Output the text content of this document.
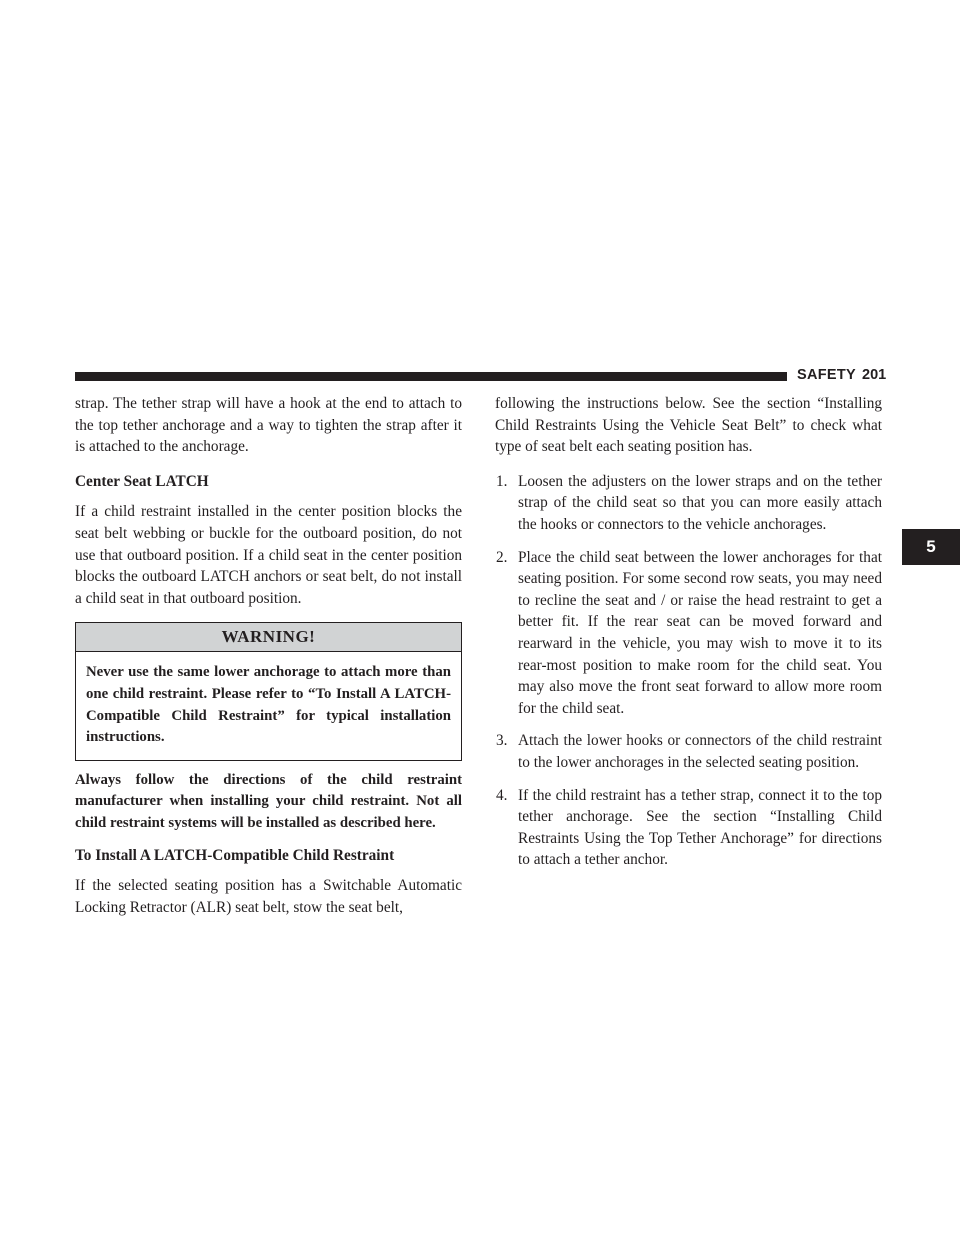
SAFETY 201
5

strap. The tether strap will have a hook at the end to attach to the top tether anchorage and a way to tighten the strap after it is attached to the anchorage.

Center Seat LATCH

If a child restraint installed in the center position blocks the seat belt webbing or buckle for the outboard position, do not use that outboard position. If a child seat in the center position blocks the outboard LATCH anchors or seat belt, do not install a child seat in that outboard position.

WARNING!
Never use the same lower anchorage to attach more than one child restraint. Please refer to “To Install A LATCH-Compatible Child Restraint” for typical installation instructions.

Always follow the directions of the child restraint manufacturer when installing your child restraint. Not all child restraint systems will be installed as described here.

To Install A LATCH-Compatible Child Restraint

If the selected seating position has a Switchable Automatic Locking Retractor (ALR) seat belt, stow the seat belt,

following the instructions below. See the section “Installing Child Restraints Using the Vehicle Seat Belt” to check what type of seat belt each seating position has.

1. Loosen the adjusters on the lower straps and on the tether strap of the child seat so that you can more easily attach the hooks or connectors to the vehicle anchorages.
2. Place the child seat between the lower anchorages for that seating position. For some second row seats, you may need to recline the seat and / or raise the head restraint to get a better fit. If the rear seat can be moved forward and rearward in the vehicle, you may wish to move it to its rear-most position to make room for the child seat. You may also move the front seat forward to allow more room for the child seat.
3. Attach the lower hooks or connectors of the child restraint to the lower anchorages in the selected seating position.
4. If the child restraint has a tether strap, connect it to the top tether anchorage. See the section “Installing Child Restraints Using the Top Tether Anchorage” for directions to attach a tether anchor.
